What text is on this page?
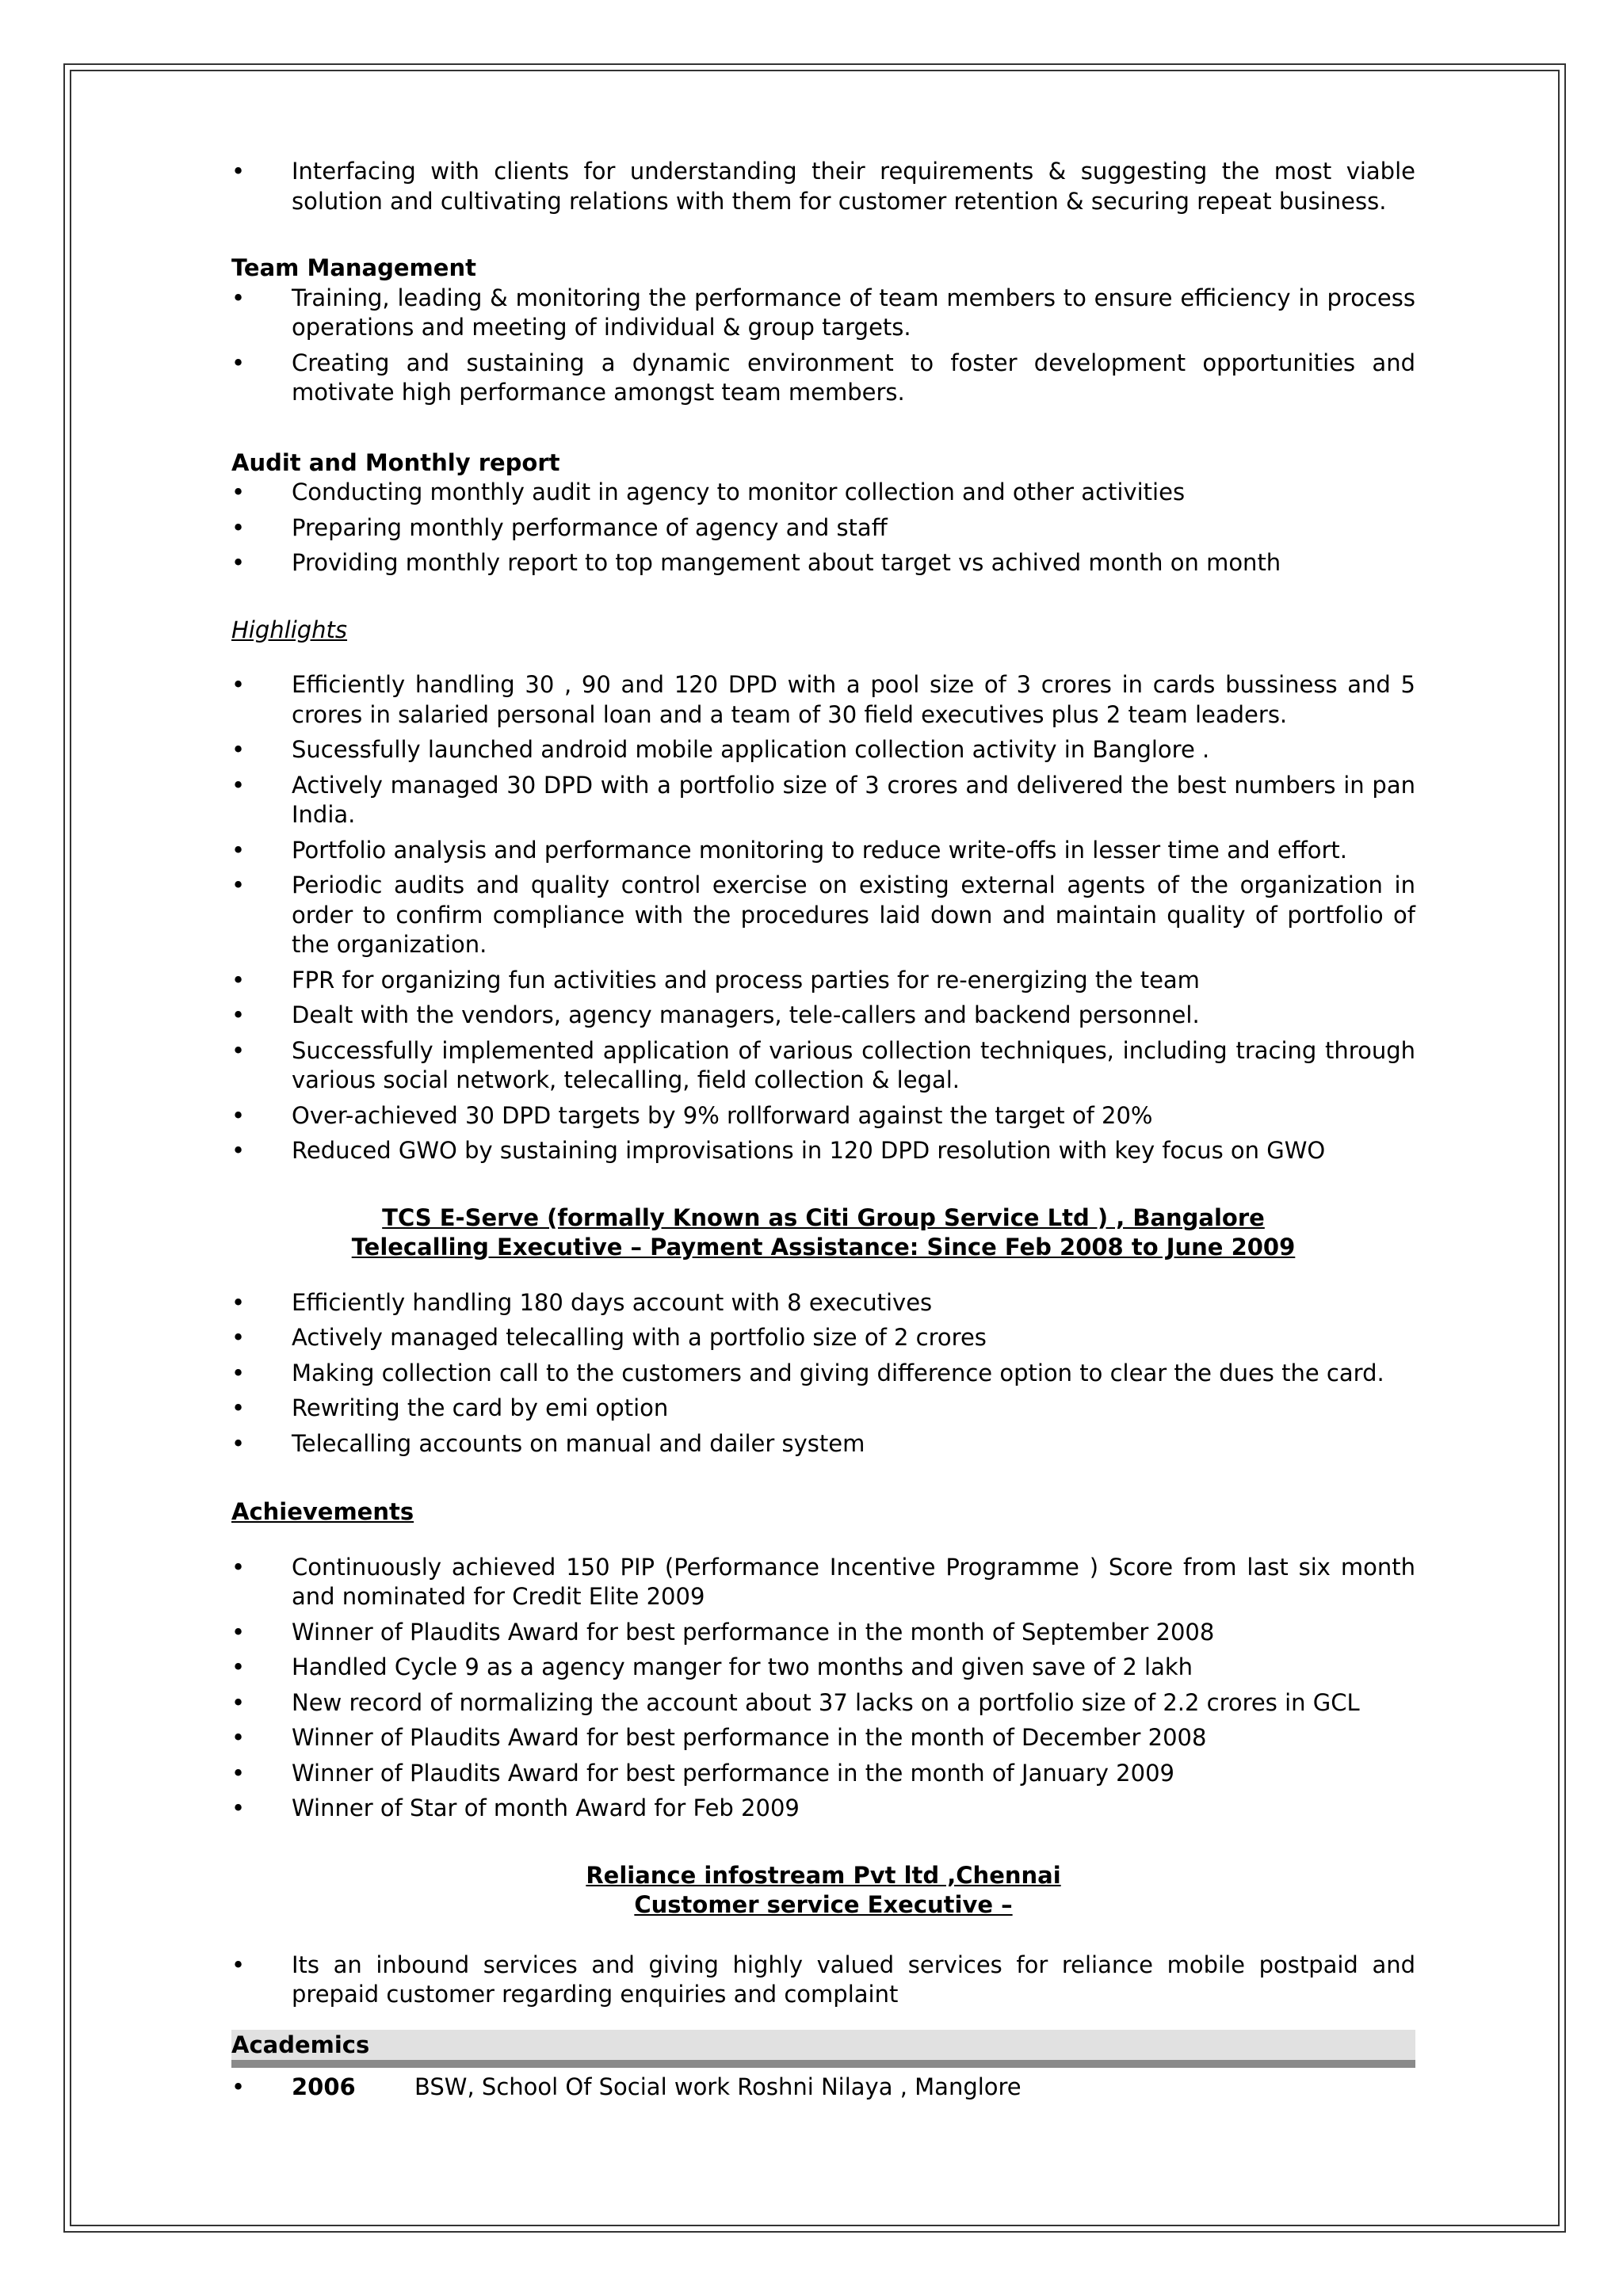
• Interfacing with clients for understanding their requirements & suggesting the most viable solution and cultivating relations with them for customer retention & securing repeat business.

Team Management

• Training, leading & monitoring the performance of team members to ensure efficiency in process operations and meeting of individual & group targets.
• Creating and sustaining a dynamic environment to foster development opportunities and motivate high performance amongst team members.

Audit and Monthly report

• Conducting monthly audit in agency to monitor collection and other activities
• Preparing monthly performance of agency and staff
• Providing monthly report to top mangement about target vs achived month on month

Highlights

• Efficiently handling 30 , 90 and 120 DPD with a pool size of 3 crores in cards bussiness and 5 crores in salaried personal loan and a team of 30 field executives plus 2 team leaders.
• Sucessfully launched android mobile application collection activity in Banglore .
• Actively managed 30 DPD with a portfolio size of 3 crores and delivered the best numbers in pan India.
• Portfolio analysis and performance monitoring to reduce write-offs in lesser time and effort.
• Periodic audits and quality control exercise on existing external agents of the organization in order to confirm compliance with the procedures laid down and maintain quality of portfolio of the organization.
• FPR for organizing fun activities and process parties for re-energizing the team
• Dealt with the vendors, agency managers, tele-callers and backend personnel.
• Successfully implemented application of various collection techniques, including tracing through various social network, telecalling, field collection & legal.
• Over-achieved 30 DPD targets by 9% rollforward against the target of 20%
• Reduced GWO by sustaining improvisations in 120 DPD resolution with key focus on GWO

TCS E-Serve (formally Known as Citi Group Service Ltd ) , Bangalore

Telecalling Executive – Payment Assistance: Since Feb 2008 to June 2009

• Efficiently handling 180 days account with 8 executives
• Actively managed telecalling with a portfolio size of 2 crores
• Making collection call to the customers and giving difference option to clear the dues the card.
• Rewriting the card by emi option
• Telecalling accounts on manual and dailer system

Achievements

• Continuously achieved 150 PIP (Performance Incentive Programme ) Score from last six month and nominated for Credit Elite 2009
• Winner of Plaudits Award for best performance in the month of September 2008
• Handled Cycle 9 as a agency manger for two months and given save of 2 lakh
• New record of normalizing the account about 37 lacks on a portfolio size of 2.2 crores in GCL
• Winner of Plaudits Award for best performance in the month of December 2008
• Winner of Plaudits Award for best performance in the month of January 2009
• Winner of Star of month Award for Feb 2009

Reliance infostream Pvt ltd ,Chennai

Customer service Executive –

• Its an inbound services and giving highly valued services for reliance mobile postpaid and prepaid customer regarding enquiries and complaint
Academics
• 2006	BSW, School Of Social work Roshni Nilaya , Manglore
